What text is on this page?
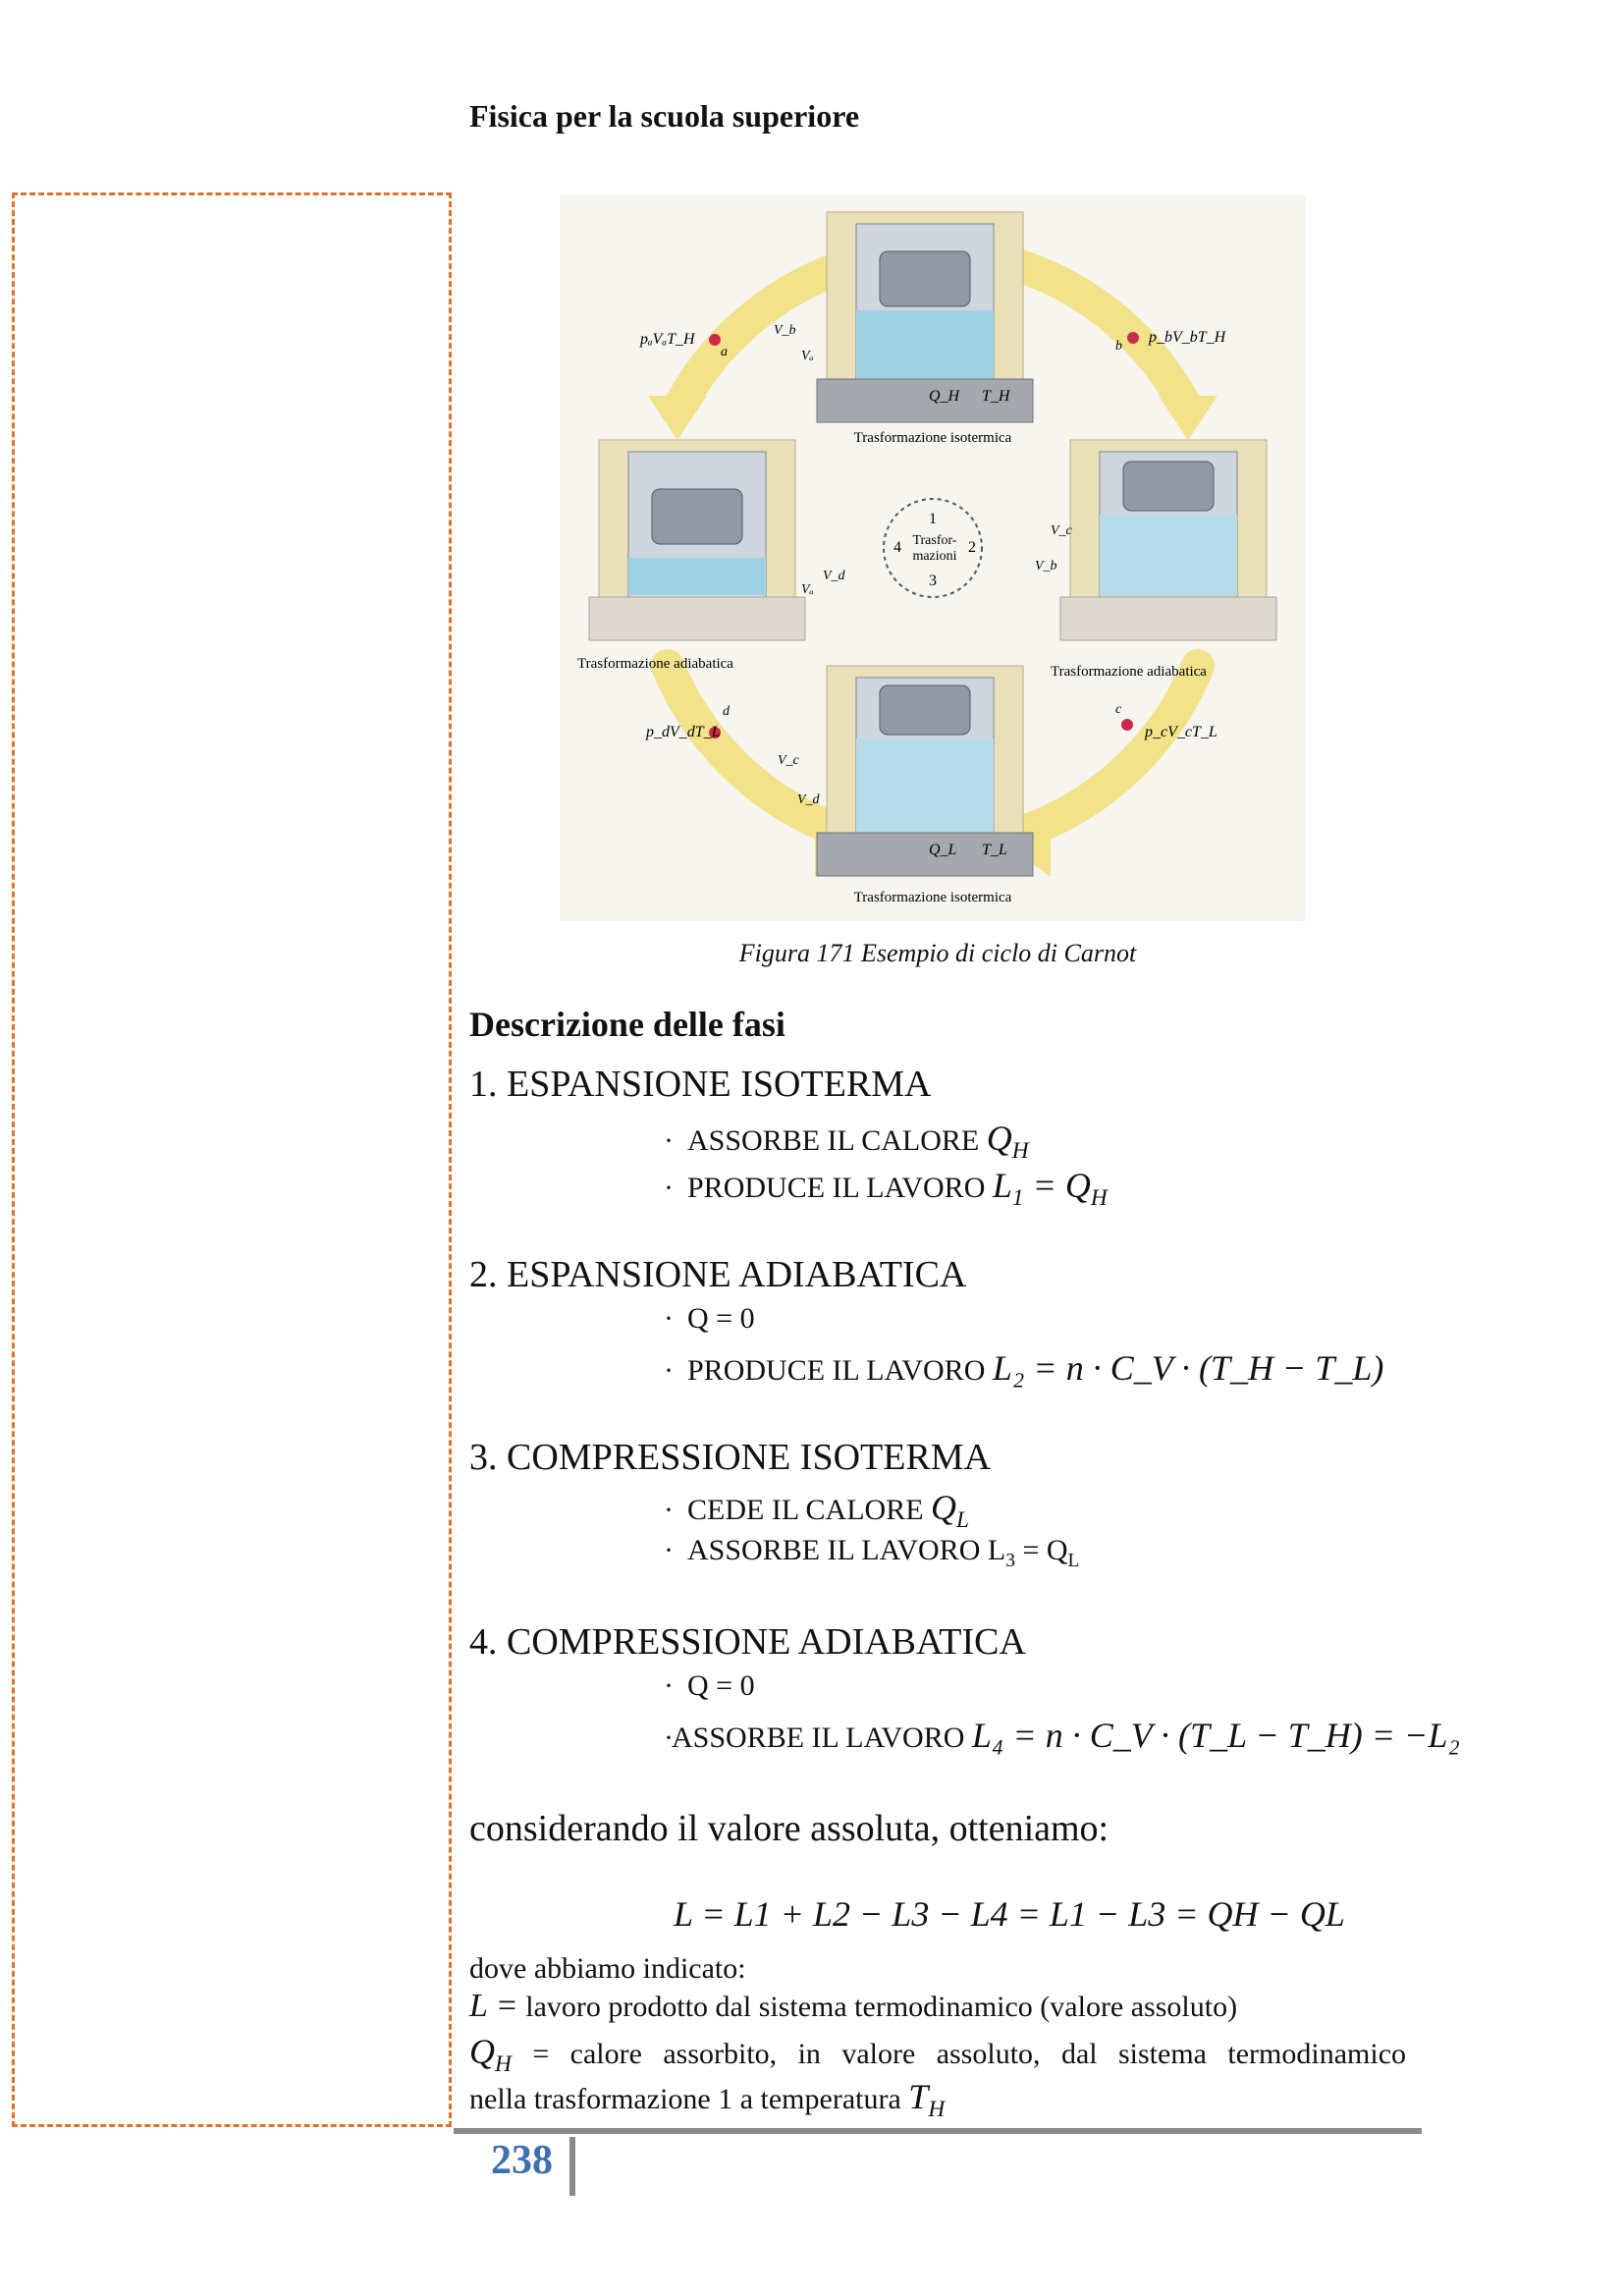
Fisica per la scuola superiore
1
2
3
4 Trasfor-
mazioni
pₐVₐT_H
a
p_bV_bT_H
b
p_cV_cT_L
c
p_dV_dT_L
d
Q_H T_H
Q_L T_L
V_b
Vₐ
V_d
Vₐ
V_c
V_b
V_c
V_d
Trasformazione isotermica
Trasformazione adiabatica	Trasformazione adiabatica
Trasformazione isotermica
Figura 171 Esempio di ciclo di Carnot
Descrizione delle fasi
1. ESPANSIONE ISOTERMA
· ASSORBE IL CALORE $Q_H$
· PRODUCE IL LAVORO $L_1 = Q_H$
2. ESPANSIONE ADIABATICA
· Q = 0
· PRODUCE IL LAVORO L₂ = n · C_V · (T_H − T_L)
3. COMPRESSIONE ISOTERMA
· CEDE IL CALORE $Q_L$
· ASSORBE IL LAVORO $L_3 = Q_L$
4. COMPRESSIONE ADIABATICA
· Q = 0
·ASSORBE IL LAVORO L₄ = n · C_V · (T_L − T_H) = −L₂
considerando il valore assoluta, otteniamo:
L = L1 + L2 − L3 − L4 = L1 − L3 = QH − QL
dove abbiamo indicato:
L = lavoro prodotto dal sistema termodinamico (valore assoluto)
$Q_H$ = calore assorbito, in valore assoluto, dal sistema termodinamico
nella trasformazione 1 a temperatura $T_H$
238
